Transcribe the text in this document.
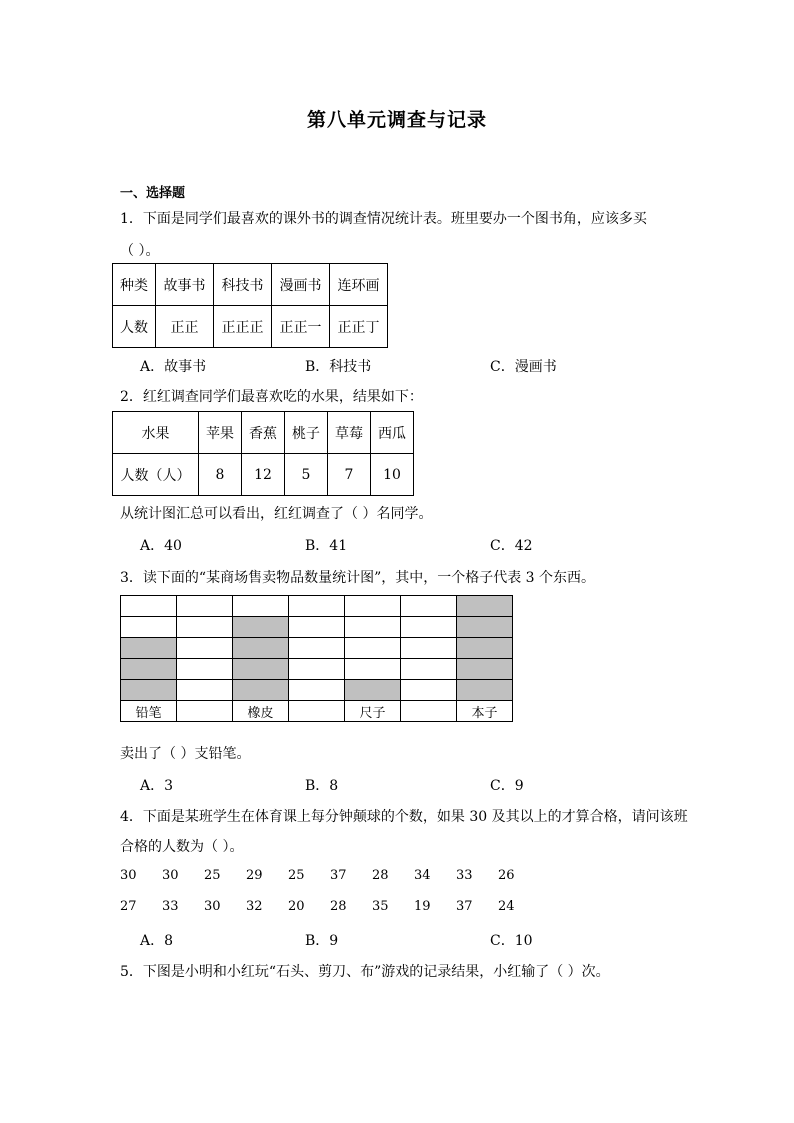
第八单元调查与记录
一、选择题
1．下面是同学们最喜欢的课外书的调查情况统计表。班里要办一个图书角，应该多买
（ ）。
种类	故事书	科技书	漫画书	连环画
人数	正正	正正正	正正一	正正丁
A．故事书	B．科技书	C．漫画书
2．红红调查同学们最喜欢吃的水果，结果如下：
水果	苹果	香蕉	桃子	草莓	西瓜
人数（人）	8	12	5	7	10
从统计图汇总可以看出，红红调查了（ ）名同学。
A．40	B．41	C．42
3．读下面的“某商场售卖物品数量统计图”，其中，一个格子代表 3 个东西。

铅笔		橡皮		尺子		本子
卖出了（ ）支铅笔。
A．3	B．8	C．9
4．下面是某班学生在体育课上每分钟颠球的个数，如果 30 及其以上的才算合格，请问该班
合格的人数为（ ）。
30 30 25 29 25 37 28 34 33 26
27 33 30 32 20 28 35 19 37 24
A．8	B．9	C．10
5．下图是小明和小红玩“石头、剪刀、布”游戏的记录结果，小红输了（ ）次。
